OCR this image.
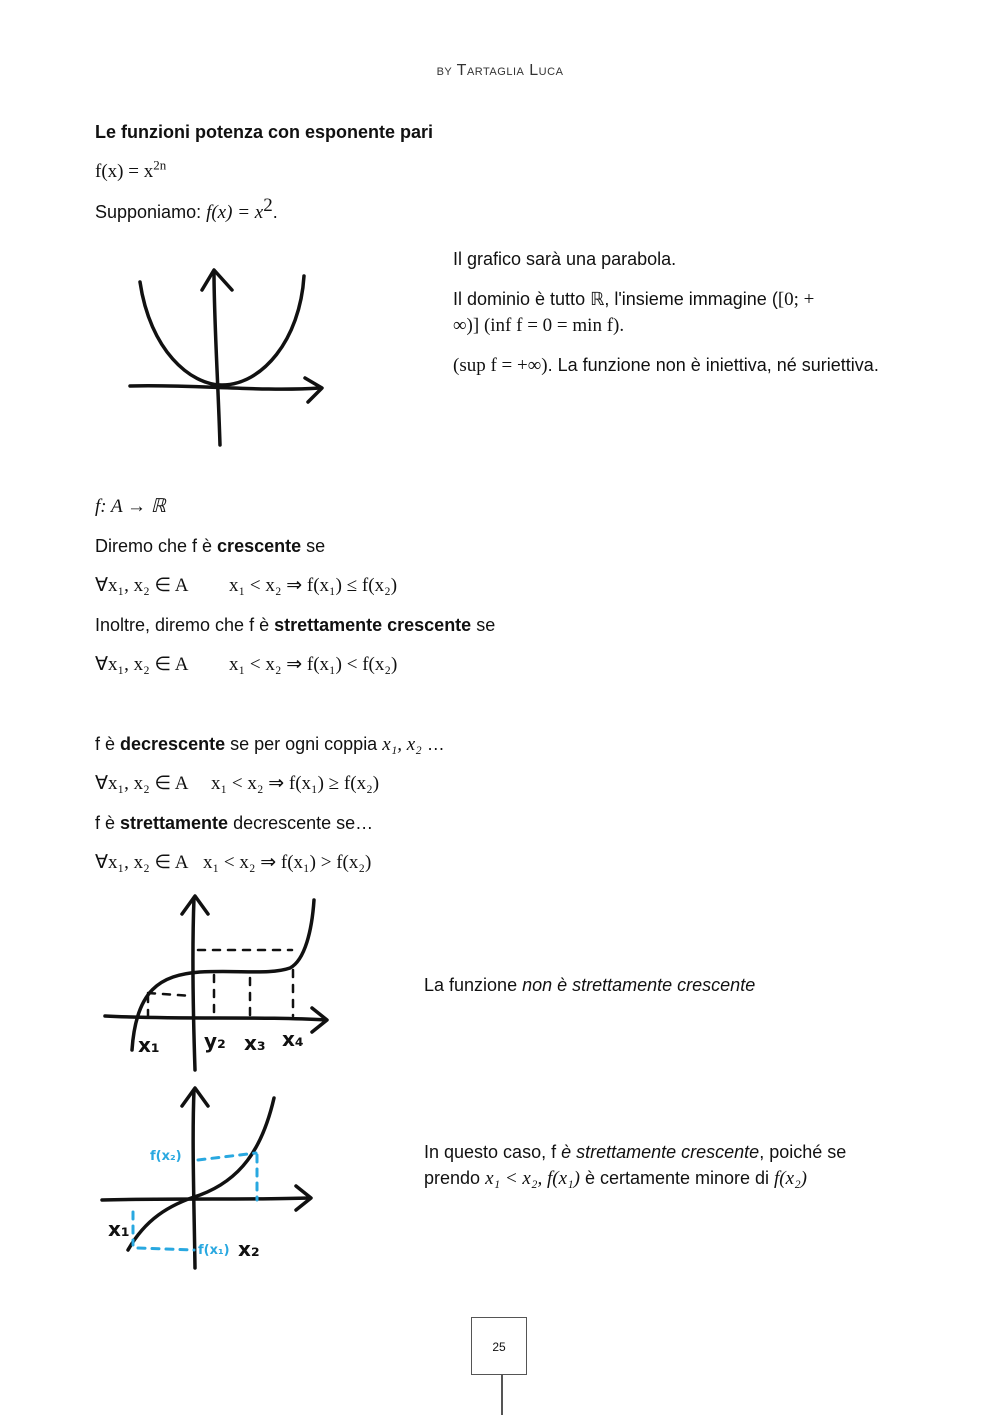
BY Tartaglia Luca
Le funzioni potenza con esponente pari
$f(x) = x^{2n}$
Supponiamo: $f(x) = x^2$.
Il grafico sarà una parabola.
Il dominio è tutto ℝ, l'insieme immagine ([0; +
∞)] (inf f = 0 = min f).
(sup f = +∞). La funzione non è iniettiva, né suriettiva.
f: A → ℝ
Diremo che f è crescente se
∀x₁, x₂ ∈ A x₁ < x₂ ⇒ f(x₁) ≤ f(x₂)
Inoltre, diremo che f è strettamente crescente se
∀x₁, x₂ ∈ A x₁ < x₂ ⇒ f(x₁) < f(x₂)
f è decrescente se per ogni coppia x₁, x₂ …
∀x₁, x₂ ∈ A x₁ < x₂ ⇒ f(x₁) ≥ f(x₂)
f è strettamente decrescente se…
∀x₁, x₂ ∈ A x₁ < x₂ ⇒ f(x₁) > f(x₂)
x₁ y₂ x₃ x₄
La funzione non è strettamente crescente
x₁
x₂
f(x₁)
f(x₂)	In questo caso, f è strettamente crescente, poiché se
prendo x₁ < x₂, f(x₁) è certamente minore di f(x₂)
25
